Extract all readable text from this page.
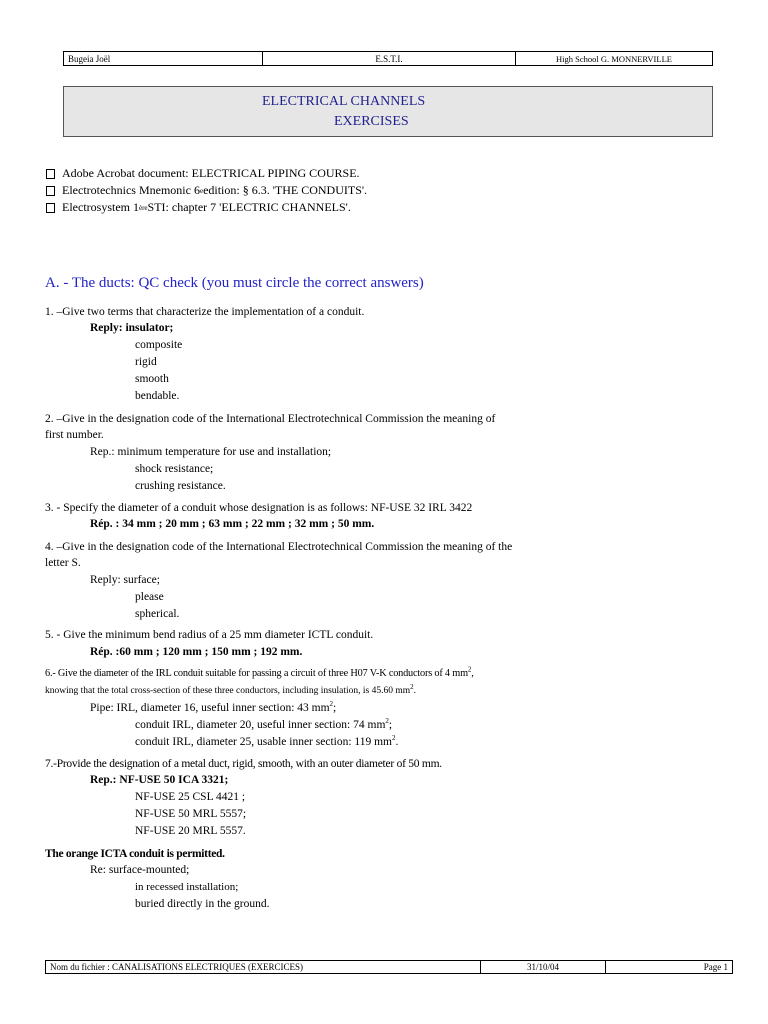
Bugeia Joël	E.S.T.I.	High School G. MONNERVILLE
ELECTRICAL CHANNELS
EXERCISES
Adobe Acrobat document: ELECTRICAL PIPING COURSE.
Electrotechnics Mnemonic 6 e edition: § 6.3. 'THE CONDUITS'.
Electrosystem 1 ère STI: chapter 7 'ELECTRIC CHANNELS'.
A. - The ducts: QC check (you must circle the correct answers)
1. –Give two terms that characterize the implementation of a conduit.
Reply: insulator;
composite
rigid
smooth
bendable.
2. –Give in the designation code of the International Electrotechnical Commission the meaning of
first number.
Rep.: minimum temperature for use and installation;
shock resistance;
crushing resistance.
3. - Specify the diameter of a conduit whose designation is as follows: NF-USE 32 IRL 3422
Rép. : 34 mm ; 20 mm ; 63 mm ; 22 mm ; 32 mm ; 50 mm.
4. –Give in the designation code of the International Electrotechnical Commission the meaning of the
letter S.
Reply: surface;
please
spherical.
5. - Give the minimum bend radius of a 25 mm diameter ICTL conduit.
Rép. :60 mm ; 120 mm ; 150 mm ; 192 mm.
6.- Give the diameter of the IRL conduit suitable for passing a circuit of three H07 V-K conductors of 4 $mm^2$,
knowing that the total cross-section of these three conductors, including insulation, is 45.60 $mm^2$.
Pipe: IRL, diameter 16, useful inner section: 43 $mm^2$;
conduit IRL, diameter 20, useful inner section: 74 $mm^2$;
conduit IRL, diameter 25, usable inner section: 119 $mm^2$.
7.-Provide the designation of a metal duct, rigid, smooth, with an outer diameter of 50 mm.
Rep.: NF-USE 50 ICA 3321;
NF-USE 25 CSL 4421 ;
NF-USE 50 MRL 5557;
NF-USE 20 MRL 5557.
The orange ICTA conduit is permitted.
Re: surface-mounted;
in recessed installation;
buried directly in the ground.
Nom du fichier : CANALISATIONS ELECTRIQUES (EXERCICES)	31/10/04	Page 1
